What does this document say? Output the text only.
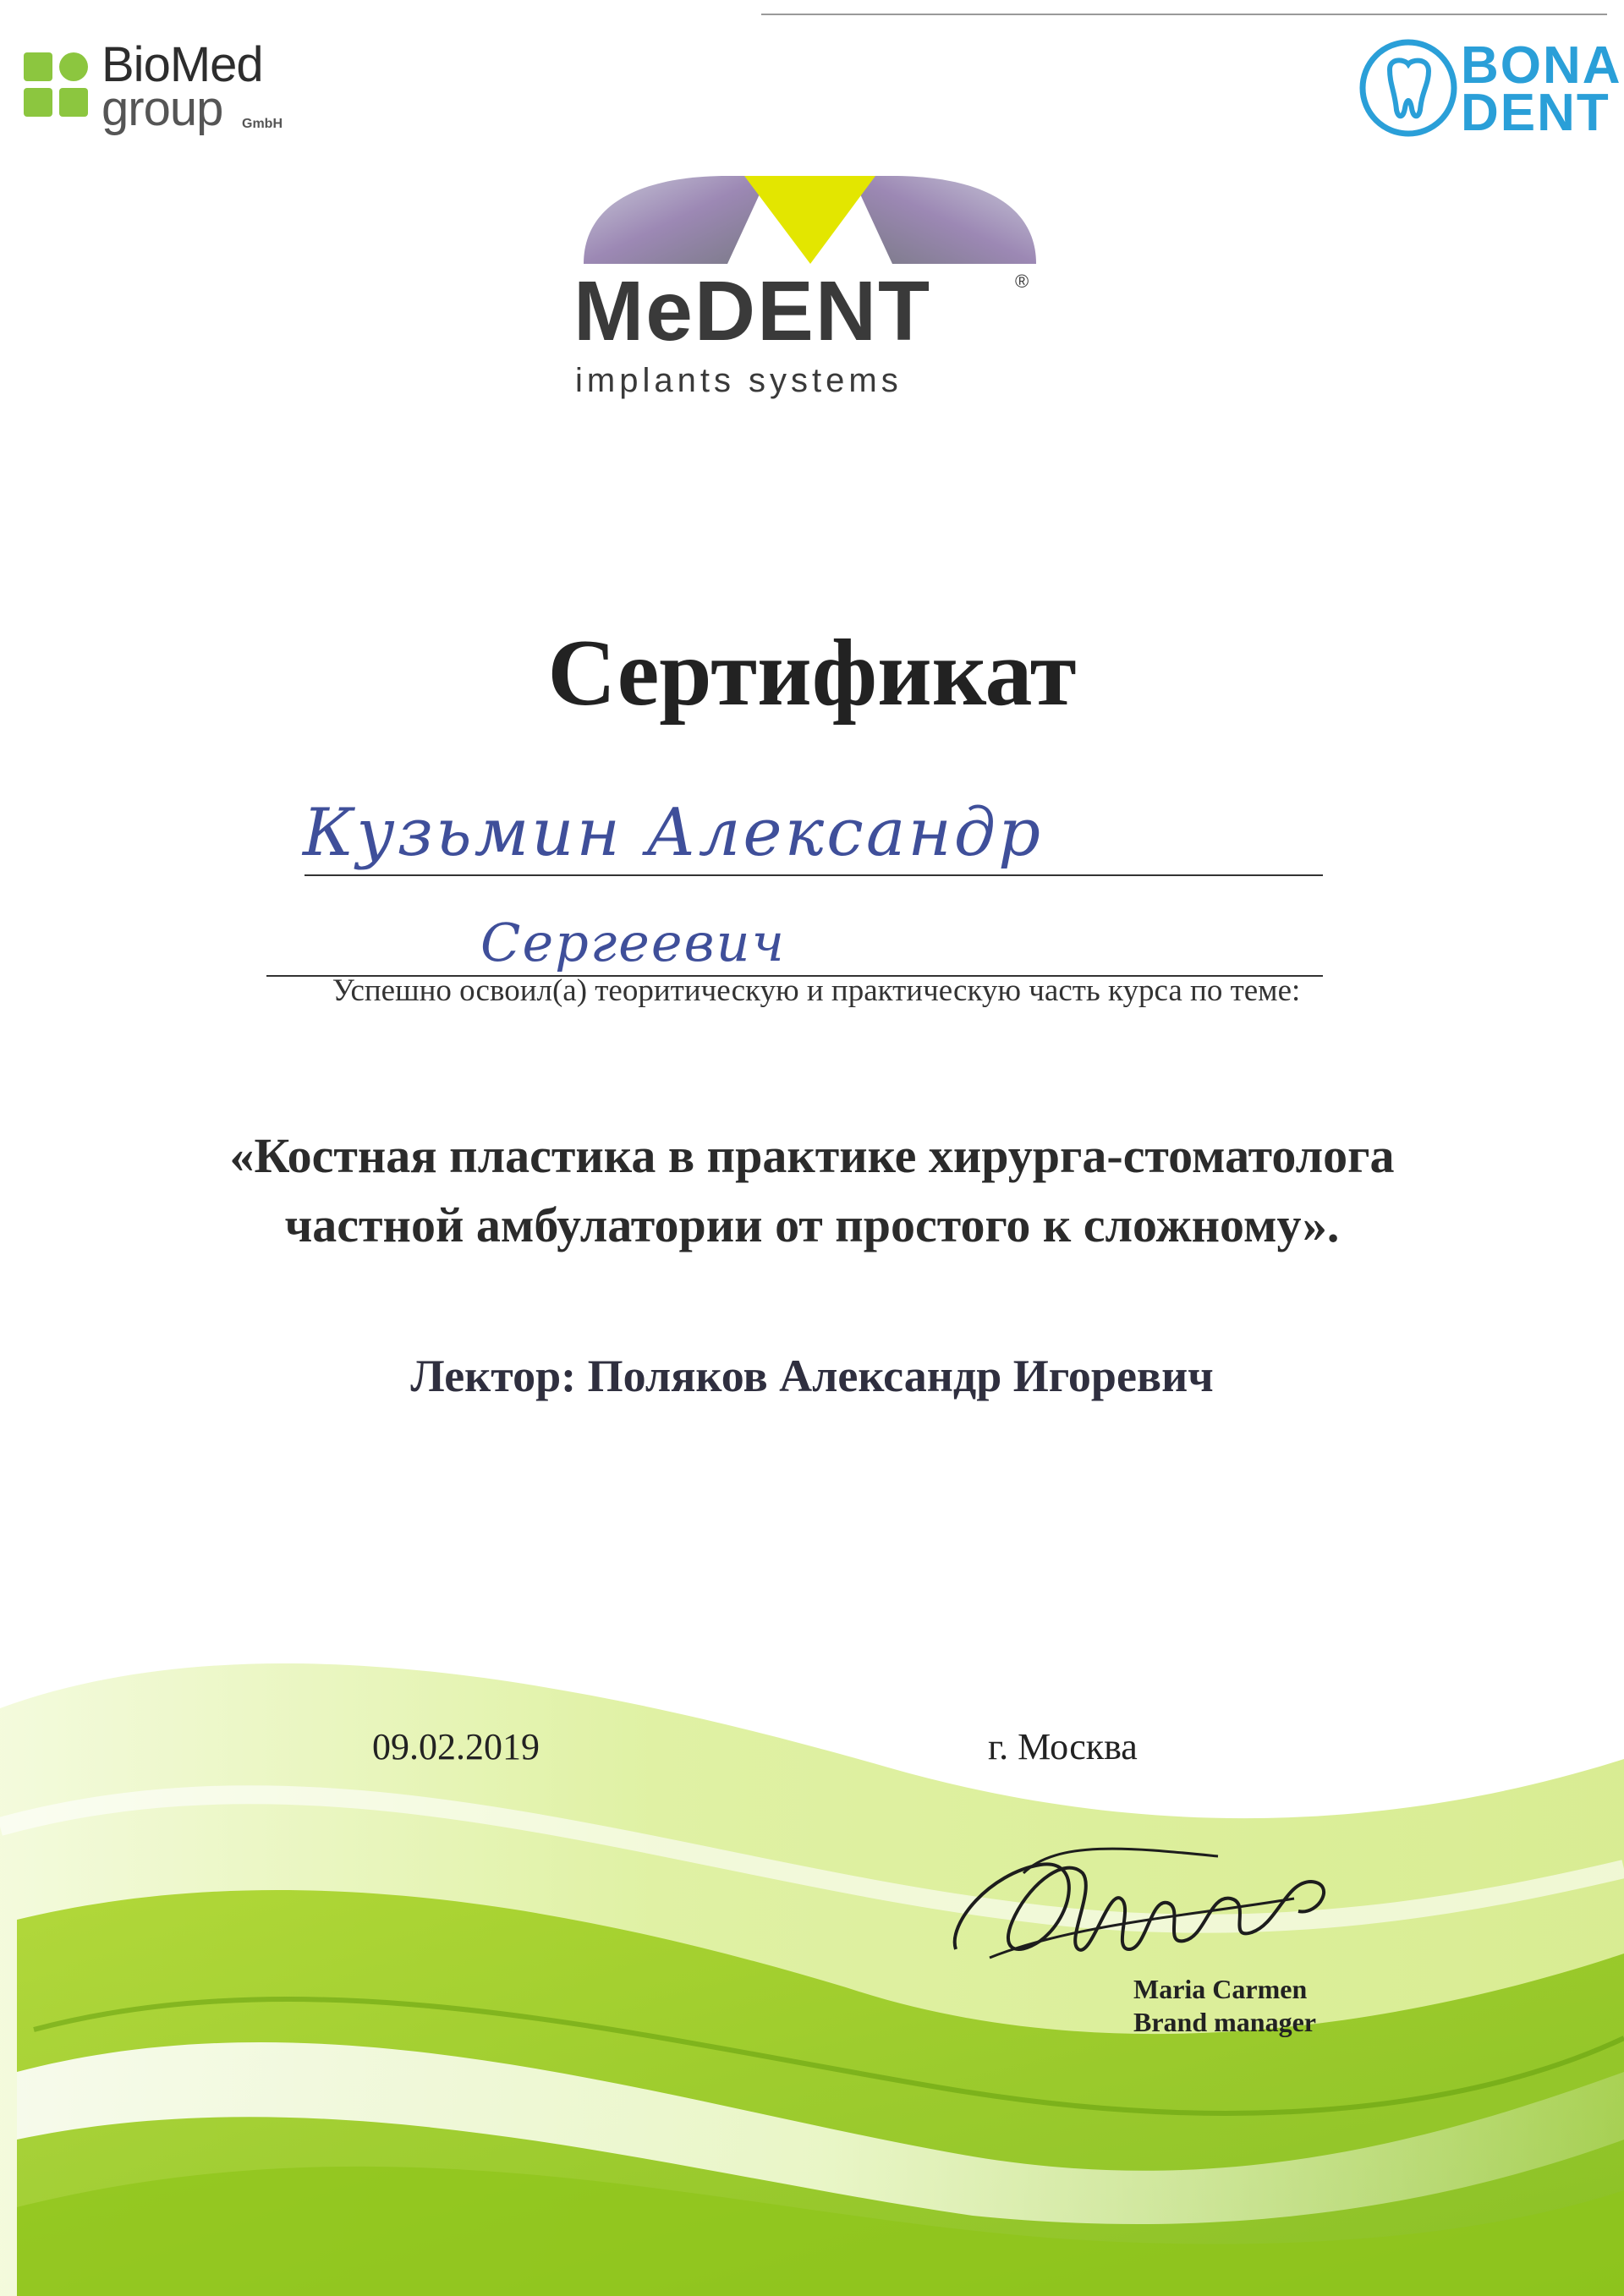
BioMed
group GmbH
BONA
DENT
MeDENT	®
implants systems
Сертификат
Кузьмин Александр
Сергеевич
Успешно освоил(а) теоритическую и практическую часть курса по теме:
«Костная пластика в практике хирурга-стоматолога
частной амбулатории от простого к сложному».
Лектор: Поляков Александр Игоревич
09.02.2019	г. Москва
Maria Carmen
Brand manager
